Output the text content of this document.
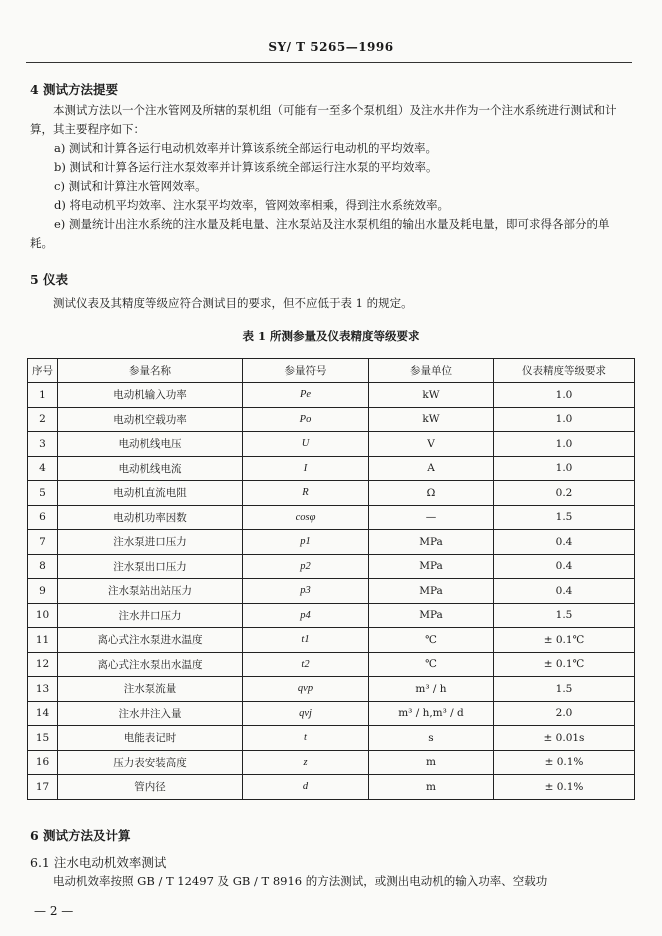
SY/ T 5265—1996
4 测试方法提要
本测试方法以一个注水管网及所辖的泵机组（可能有一至多个泵机组）及注水井作为一个注水系统进行测试和计算，其主要程序如下：
a) 测试和计算各运行电动机效率并计算该系统全部运行电动机的平均效率。
b) 测试和计算各运行注水泵效率并计算该系统全部运行注水泵的平均效率。
c) 测试和计算注水管网效率。
d) 将电动机平均效率、注水泵平均效率，管网效率相乘，得到注水系统效率。
e) 测量统计出注水系统的注水量及耗电量、注水泵站及注水泵机组的输出水量及耗电量，即可求得各部分的单耗。
5 仪表
测试仪表及其精度等级应符合测试目的要求，但不应低于表 1 的规定。
表 1 所测参量及仪表精度等级要求
序号	参量名称	参量符号	参量单位	仪表精度等级要求
1	电动机输入功率	Pe	kW	1.0
2	电动机空载功率	Po	kW	1.0
3	电动机线电压	U	V	1.0
4	电动机线电流	I	A	1.0
5	电动机直流电阻	R	Ω	0.2
6	电动机功率因数	cosφ	—	1.5
7	注水泵进口压力	p1	MPa	0.4
8	注水泵出口压力	p2	MPa	0.4
9	注水泵站出站压力	p3	MPa	0.4
10	注水井口压力	p4	MPa	1.5
11	离心式注水泵进水温度	t1	℃	± 0.1℃
12	离心式注水泵出水温度	t2	℃	± 0.1℃
13	注水泵流量	qvp	m³ / h	1.5
14	注水井注入量	qvj	m³ / h,m³ / d	2.0
15	电能表记时	t	s	± 0.01s
16	压力表安装高度	z	m	± 0.1%
17	管内径	d	m	± 0.1%
6 测试方法及计算
6.1 注水电动机效率测试
电动机效率按照 GB / T 12497 及 GB / T 8916 的方法测试，或测出电动机的输入功率、空载功
— 2 —
